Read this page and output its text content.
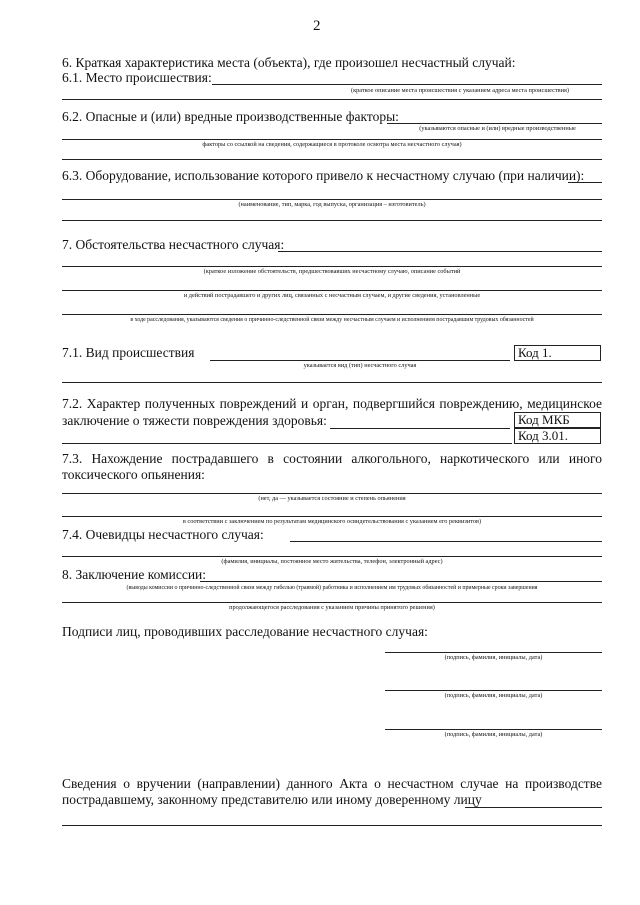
2
6. Краткая характеристика места (объекта), где произошел несчастный случай:
6.1. Место происшествия:
(краткое описание места происшествия с указанием адреса места происшествия)
6.2. Опасные и (или) вредные производственные факторы:
(указываются опасные и (или) вредные производственные
факторы со ссылкой на сведения, содержащиеся в протоколе осмотра места несчастного случая)
6.3. Оборудование, использование которого привело к несчастному случаю (при наличии):
(наименование, тип, марка, год выпуска, организация – изготовитель)
7. Обстоятельства несчастного случая:
(краткое изложение обстоятельств, предшествовавших несчастному случаю, описание событий
и действий пострадавшего и других лиц, связанных с несчастным случаем, и другие сведения, установленные
в ходе расследования, указываются сведения о причинно-следственной связи между несчастным случаем и исполнением пострадавшим трудовых обязанностей
7.1. Вид происшествия
указывается вид (тип) несчастного случая
Код 1.
7.2. Характер полученных повреждений и орган, подвергшийся повреждению, медицинское
заключение о тяжести повреждения здоровья:	Код МКБ
Код 3.01.
7.3. Нахождение пострадавшего в состоянии алкогольного, наркотического или иного
токсического опьянения:
(нет, да — указывается состояние и степень опьянения
в соответствии с заключением по результатам медицинского освидетельствования с указанием его реквизитов)
7.4. Очевидцы несчастного случая:
(фамилия, инициалы, постоянное место жительства, телефон, электронный адрес)
8. Заключение комиссии:
(выводы комиссии о причинно-следственной связи между гибелью (травмой) работника и исполнением им трудовых обязанностей и примерные сроки завершения
продолжающегося расследования с указанием причины принятого решения)
Подписи лиц, проводивших расследование несчастного случая:
(подпись, фамилия, инициалы, дата)
(подпись, фамилия, инициалы, дата)
(подпись, фамилия, инициалы, дата)
Сведения о вручении (направлении) данного Акта о несчастном случае на производстве
пострадавшему, законному представителю или иному доверенному лицу
